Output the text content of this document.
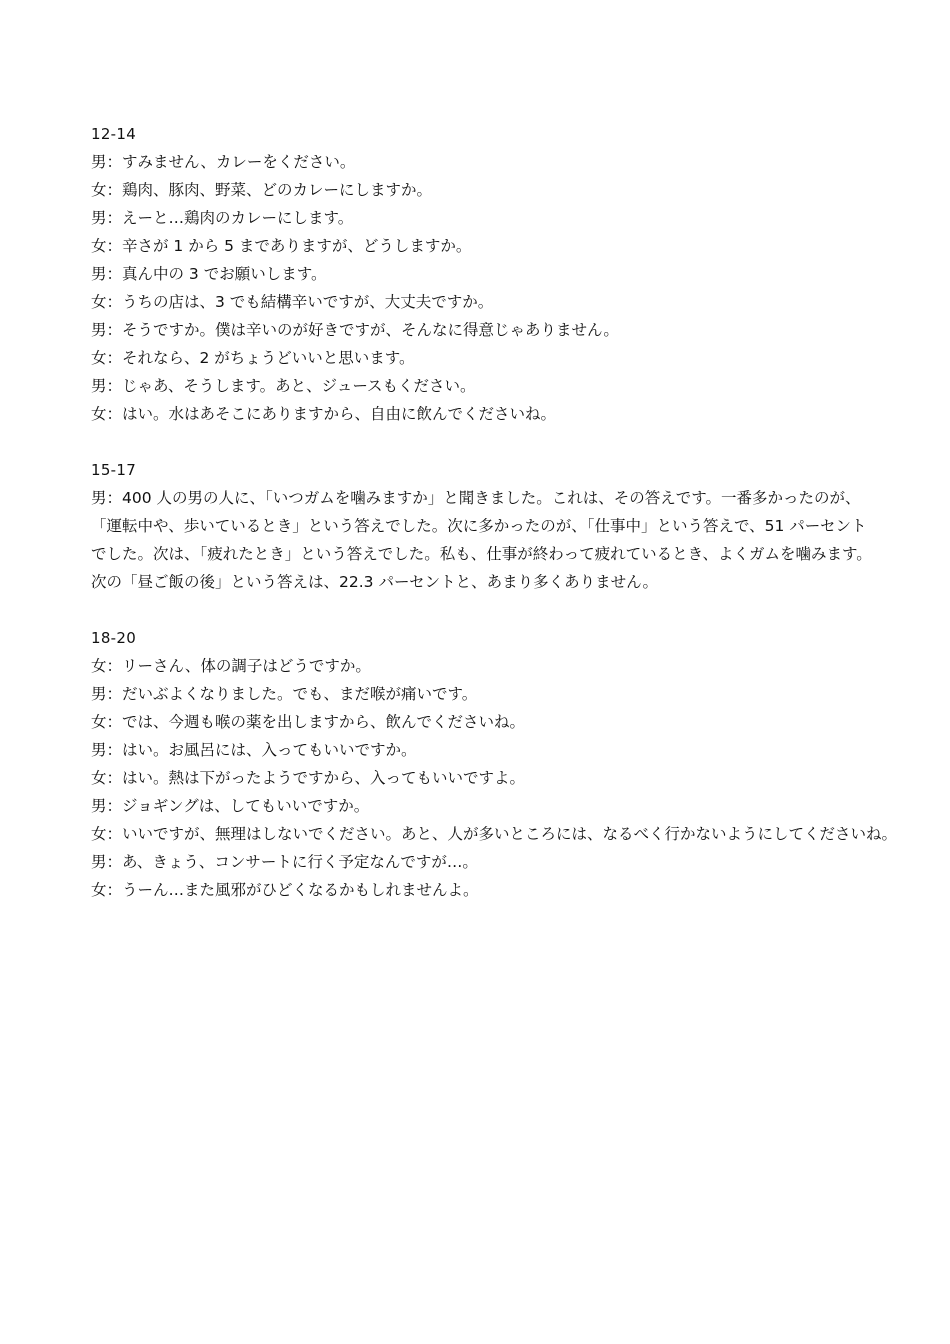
12-14
男：すみません、カレーをください。
女：鶏肉、豚肉、野菜、どのカレーにしますか。
男：えーと…鶏肉のカレーにします。
女：辛さが 1 から 5 までありますが、どうしますか。
男：真ん中の 3 でお願いします。
女：うちの店は、3 でも結構辛いですが、大丈夫ですか。
男：そうですか。僕は辛いのが好きですが、そんなに得意じゃありません。
女：それなら、2 がちょうどいいと思います。
男：じゃあ、そうします。あと、ジュースもください。
女：はい。水はあそこにありますから、自由に飲んでくださいね。
15-17
男：400 人の男の人に、「いつガムを噛みますか」と聞きました。これは、その答えです。一番多かったのが、
「運転中や、歩いているとき」という答えでした。次に多かったのが、「仕事中」という答えで、51 パーセント
でした。次は、「疲れたとき」という答えでした。私も、仕事が終わって疲れているとき、よくガムを噛みます。
次の「昼ご飯の後」という答えは、22.3 パーセントと、あまり多くありません。
18-20
女：リーさん、体の調子はどうですか。
男：だいぶよくなりました。でも、まだ喉が痛いです。
女：では、今週も喉の薬を出しますから、飲んでくださいね。
男：はい。お風呂には、入ってもいいですか。
女：はい。熱は下がったようですから、入ってもいいですよ。
男：ジョギングは、してもいいですか。
女：いいですが、無理はしないでください。あと、人が多いところには、なるべく行かないようにしてくださいね。
男：あ、きょう、コンサートに行く予定なんですが…。
女：うーん…また風邪がひどくなるかもしれませんよ。
